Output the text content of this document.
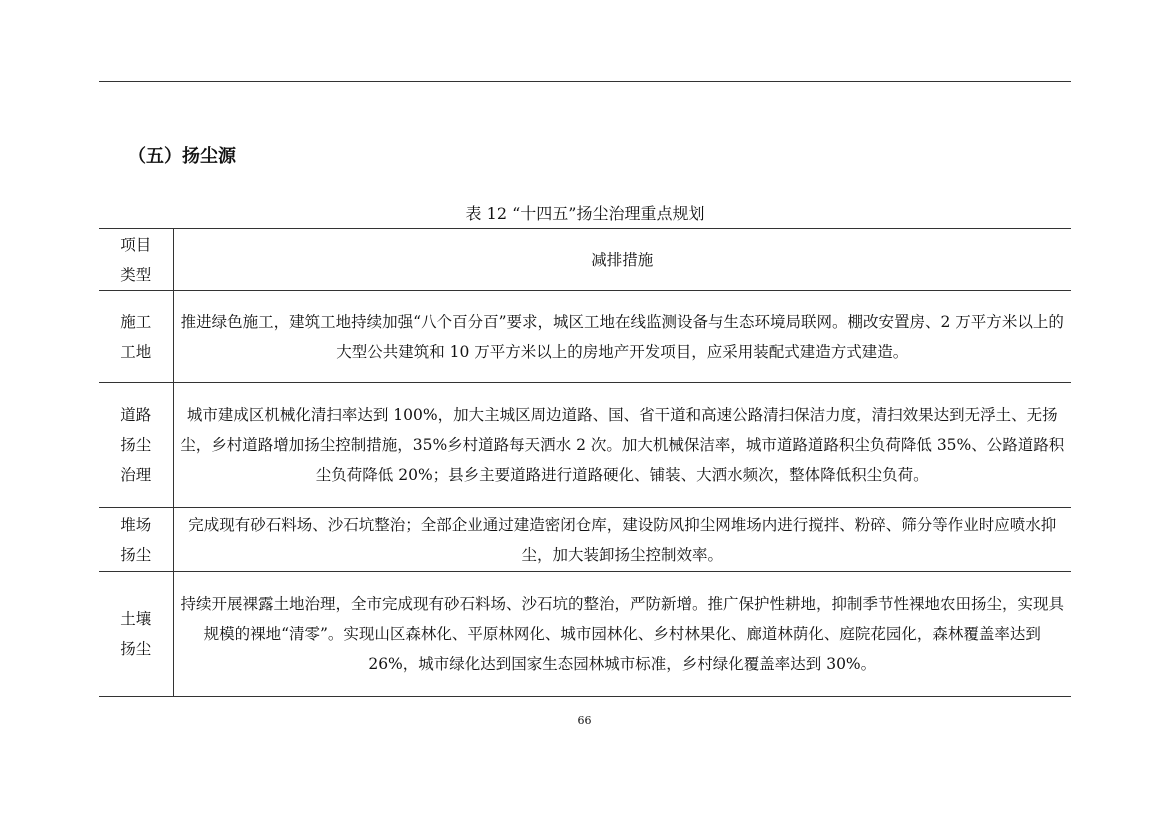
（五）扬尘源
表 12 “十四五”扬尘治理重点规划
项目类型	减排措施
施工工地	推进绿色施工，建筑工地持续加强“八个百分百”要求，城区工地在线监测设备与生态环境局联网。棚改安置房、2 万平方米以上的大型公共建筑和 10 万平方米以上的房地产开发项目，应采用装配式建造方式建造。
道路扬尘治理	城市建成区机械化清扫率达到 100%，加大主城区周边道路、国、省干道和高速公路清扫保洁力度，清扫效果达到无浮土、无扬尘，乡村道路增加扬尘控制措施，35%乡村道路每天洒水 2 次。加大机械保洁率，城市道路道路积尘负荷降低 35%、公路道路积尘负荷降低 20%；县乡主要道路进行道路硬化、铺装、大洒水频次，整体降低积尘负荷。
堆场扬尘	完成现有砂石料场、沙石坑整治；全部企业通过建造密闭仓库，建设防风抑尘网堆场内进行搅拌、粉碎、筛分等作业时应喷水抑尘，加大装卸扬尘控制效率。
土壤扬尘	持续开展裸露土地治理，全市完成现有砂石料场、沙石坑的整治，严防新增。推广保护性耕地，抑制季节性裸地农田扬尘，实现具规模的裸地“清零”。实现山区森林化、平原林网化、城市园林化、乡村林果化、廊道林荫化、庭院花园化，森林覆盖率达到 26%，城市绿化达到国家生态园林城市标准，乡村绿化覆盖率达到 30%。
66
